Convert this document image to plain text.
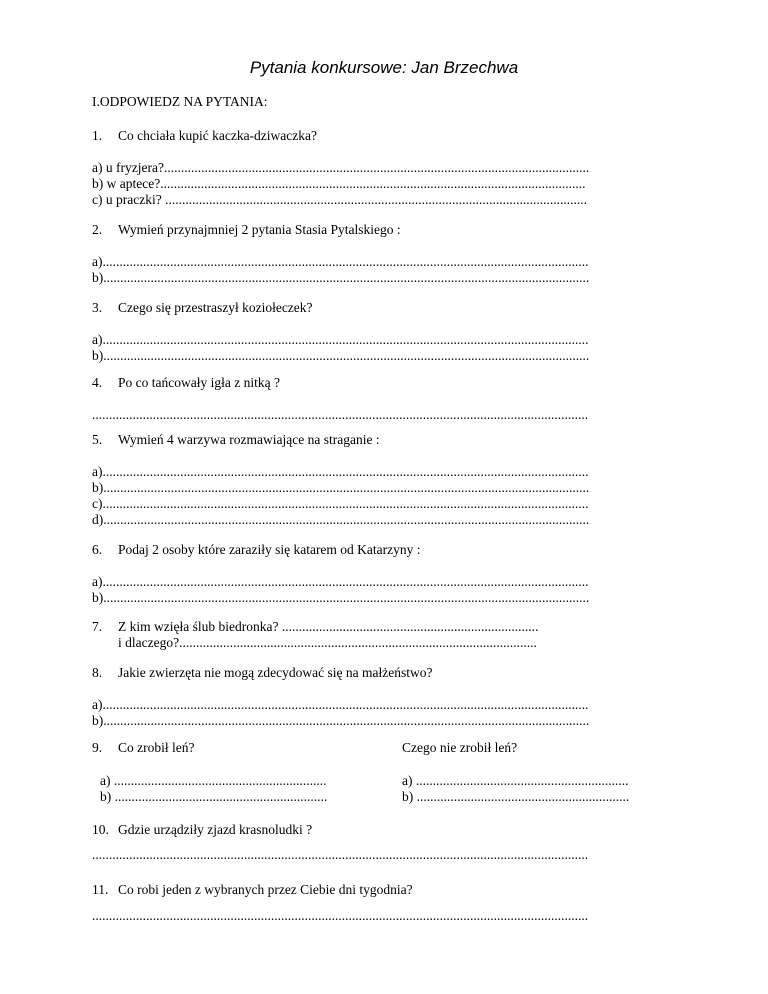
Pytania konkursowe: Jan Brzechwa
I.ODPOWIEDZ NA PYTANIA:
1. Co chciała kupić kaczka-dziwaczka?
a) u fryzjera?..............................................................................................................................
b) w aptece?..............................................................................................................................
c) u praczki? .............................................................................................................................
2. Wymień przynajmniej 2 pytania Stasia Pytalskiego :
a)................................................................................................................................................
b)................................................................................................................................................
3. Czego się przestraszył koziołeczek?
a)................................................................................................................................................
b)................................................................................................................................................
4. Po co tańcowały igła z nitką ?
...................................................................................................................................................
5. Wymień 4 warzywa rozmawiające na straganie :
a)................................................................................................................................................
b)................................................................................................................................................
c)................................................................................................................................................
d)................................................................................................................................................
6. Podaj 2 osoby które zaraziły się katarem od Katarzyny :
a)................................................................................................................................................
b)................................................................................................................................................
7. Z kim wzięła ślub biedronka? ............................................................................
i dlaczego?..........................................................................................................
8. Jakie zwierzęta nie mogą zdecydować się na małżeństwo?
a)................................................................................................................................................
b)................................................................................................................................................
9. Co zrobił leń?	Czego nie zrobił leń?
a) ...............................................................
b) ...............................................................
a) ...............................................................
b) ...............................................................
10. Gdzie urządziły zjazd krasnoludki ?
...................................................................................................................................................
11. Co robi jeden z wybranych przez Ciebie dni tygodnia?
...................................................................................................................................................
